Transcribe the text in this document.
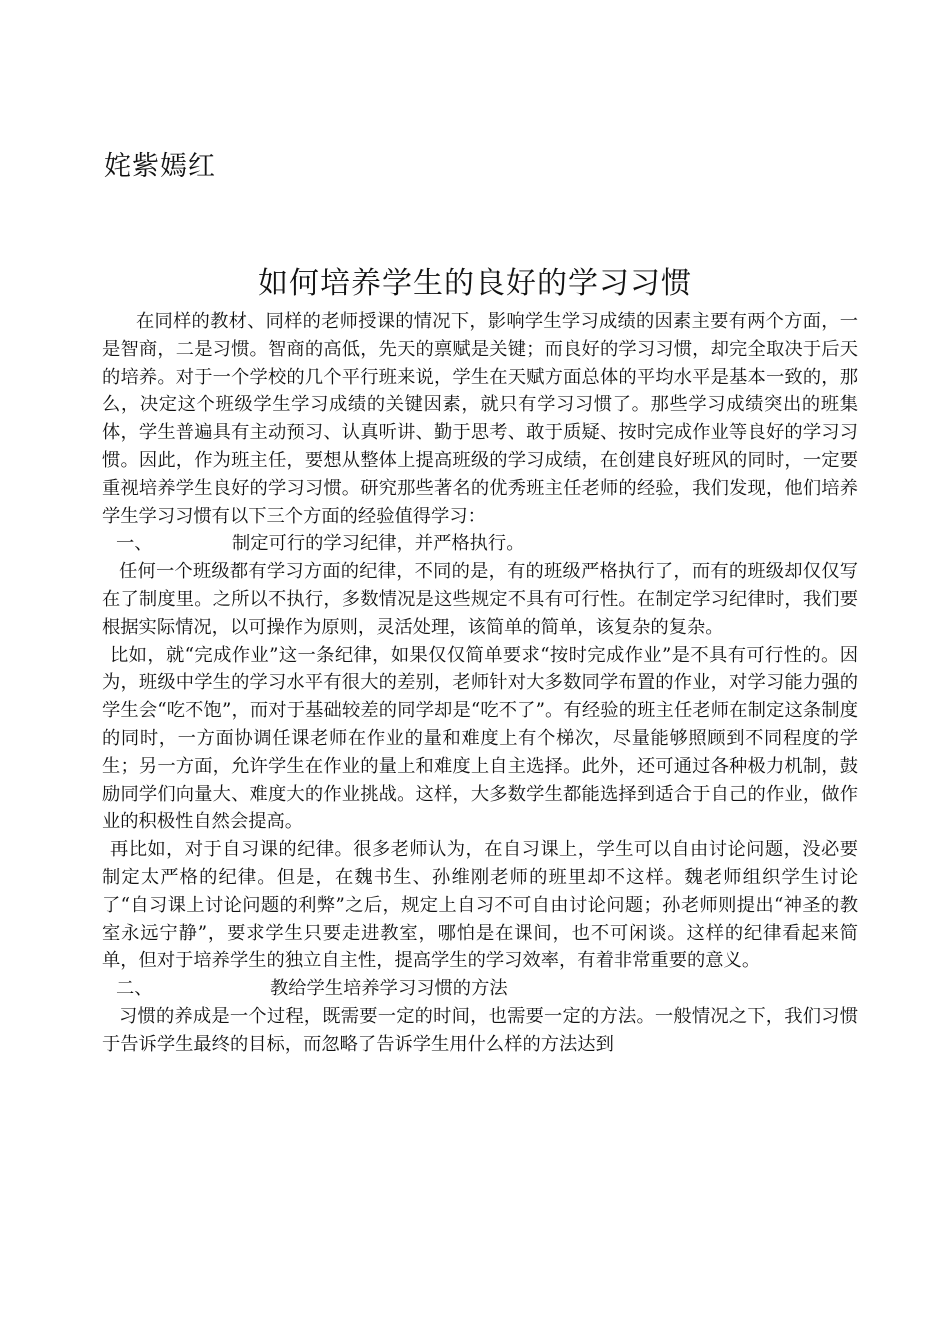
姹紫嫣红
如何培养学生的良好的学习习惯

在同样的教材、同样的老师授课的情况下，影响学生学习成绩的因素主要有两个方面，一是智商，二是习惯。智商的高低，先天的禀赋是关键；而良好的学习习惯，却完全取决于后天的培养。对于一个学校的几个平行班来说，学生在天赋方面总体的平均水平是基本一致的，那么，决定这个班级学生学习成绩的关键因素，就只有学习习惯了。那些学习成绩突出的班集体，学生普遍具有主动预习、认真听讲、勤于思考、敢于质疑、按时完成作业等良好的学习习惯。因此，作为班主任，要想从整体上提高班级的学习成绩，在创建良好班风的同时，一定要重视培养学生良好的学习习惯。研究那些著名的优秀班主任老师的经验，我们发现，他们培养学生学习习惯有以下三个方面的经验值得学习：

一、	制定可行的学习纪律，并严格执行。

任何一个班级都有学习方面的纪律，不同的是，有的班级严格执行了，而有的班级却仅仅写在了制度里。之所以不执行，多数情况是这些规定不具有可行性。在制定学习纪律时，我们要根据实际情况，以可操作为原则，灵活处理，该简单的简单，该复杂的复杂。

比如，就“完成作业”这一条纪律，如果仅仅简单要求“按时完成作业”是不具有可行性的。因为，班级中学生的学习水平有很大的差别，老师针对大多数同学布置的作业，对学习能力强的学生会“吃不饱”，而对于基础较差的同学却是“吃不了”。有经验的班主任老师在制定这条制度的同时，一方面协调任课老师在作业的量和难度上有个梯次，尽量能够照顾到不同程度的学生；另一方面，允许学生在作业的量上和难度上自主选择。此外，还可通过各种极力机制，鼓励同学们向量大、难度大的作业挑战。这样，大多数学生都能选择到适合于自己的作业，做作业的积极性自然会提高。

再比如，对于自习课的纪律。很多老师认为，在自习课上，学生可以自由讨论问题，没必要制定太严格的纪律。但是，在魏书生、孙维刚老师的班里却不这样。魏老师组织学生讨论了“自习课上讨论问题的利弊”之后，规定上自习不可自由讨论问题；孙老师则提出“神圣的教室永远宁静”，要求学生只要走进教室，哪怕是在课间，也不可闲谈。这样的纪律看起来简单，但对于培养学生的独立自主性，提高学生的学习效率，有着非常重要的意义。

二、	教给学生培养学习习惯的方法

习惯的养成是一个过程，既需要一定的时间，也需要一定的方法。一般情况之下，我们习惯于告诉学生最终的目标，而忽略了告诉学生用什么样的方法达到
